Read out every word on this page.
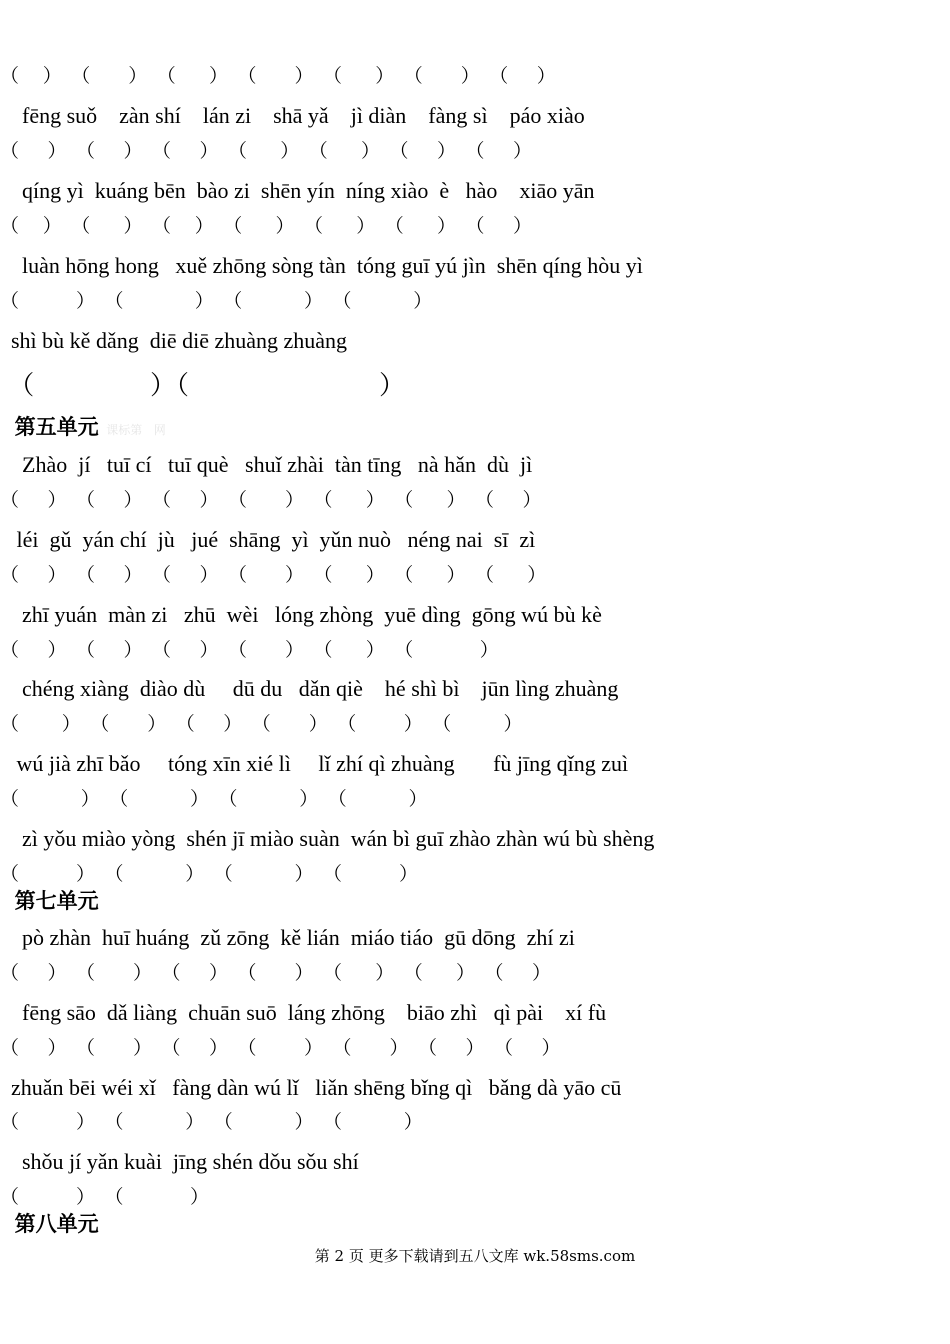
（     ）  （        ）  （       ）  （        ）  （       ）  （        ）  （      ）
fēng suǒ    zàn shí    lán zi    shā yǎ    jì diàn    fàng sì    páo xiào
（      ）  （      ）  （      ）  （       ）  （       ）  （      ）  （      ）
qíng yì  kuáng bēn  bào zi  shēn yín  níng xiào  è   hào    xiāo yān
（     ）  （       ）  （     ）  （       ）  （       ）  （       ）  （      ）
luàn hōng hong   xuě zhōng sòng tàn  tóng guī yú jìn  shēn qíng hòu yì
（            ）  （               ）  （             ）  （             ）
shì bù kě dǎng  diē diē zhuàng zhuàng
（              ）（                       ）
第五单元  课标第   网
Zhào  jí   tuī cí   tuī què   shuǐ zhài  tàn tīng   nà hǎn  dù  jì
（      ）  （      ）  （      ）  （        ）  （       ）  （       ）  （      ）
léi  gǔ  yán chí  jù   jué  shāng  yì  yǔn nuò   néng nai  sī  zì
（      ）  （      ）  （      ）  （        ）  （       ）  （       ）  （       ）
zhī yuán  màn zi   zhū  wèi   lóng zhòng  yuē dìng  gōng wú bù kè
（      ）  （      ）  （      ）  （        ）  （       ）  （              ）
chéng xiàng  diào dù     dū du   dǎn qiè    hé shì bì    jūn lìng zhuàng
（         ）  （        ）  （      ）  （        ）  （          ）  （           ）
wú jià zhī bǎo     tóng xīn xié lì     lǐ zhí qì zhuàng       fù jīng qǐng zuì
（             ）  （             ）  （             ）  （             ）
zì yǒu miào yòng  shén jī miào suàn  wán bì guī zhào zhàn wú bù shèng
（            ）  （             ）  （             ）  （            ）
第七单元
pò zhàn  huī huáng  zǔ zōng  kě lián  miáo tiáo  gū dōng  zhí zi
（      ）  （        ）  （      ）  （        ）  （       ）  （       ）  （      ）
fēng sāo  dǎ liàng  chuān suō  láng zhōng    biāo zhì   qì pài    xí fù
（      ）  （        ）  （      ）  （          ）  （        ）  （      ）  （      ）
zhuǎn bēi wéi xǐ   fàng dàn wú lǐ   liǎn shēng bǐng qì   bǎng dà yāo cū
（            ）  （             ）  （             ）  （             ）
shǒu jí yǎn kuài  jīng shén dǒu sǒu shí
（            ）  （              ）
第八单元
第 2 页 更多下载请到五八文库 wk.58sms.com
